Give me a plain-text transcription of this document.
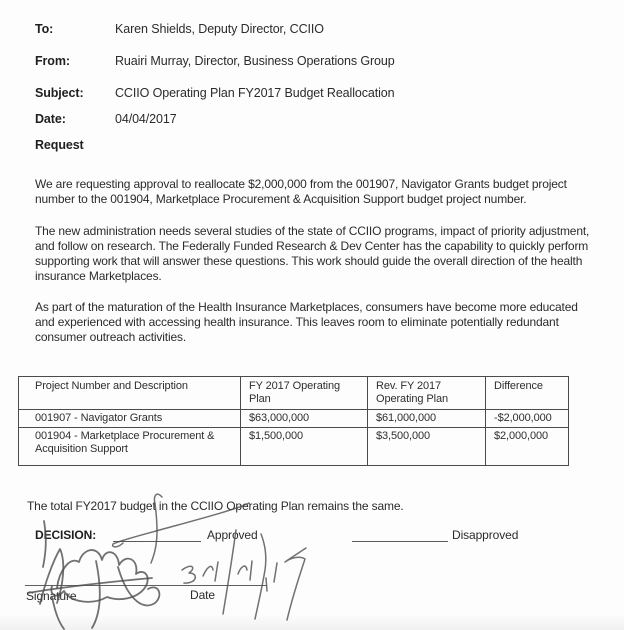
To:	Karen Shields, Deputy Director, CCIIO
From:	Ruairi Murray, Director, Business Operations Group
Subject:	CCIIO Operating Plan FY2017 Budget Reallocation
Date:	04/04/2017
Request

We are requesting approval to reallocate $2,000,000 from the 001907, Navigator Grants budget project number to the 001904, Marketplace Procurement & Acquisition Support budget project number.

The new administration needs several studies of the state of CCIIO programs, impact of priority adjustment, and follow on research. The Federally Funded Research & Dev Center has the capability to quickly perform supporting work that will answer these questions. This work should guide the overall direction of the health insurance Marketplaces.

As part of the maturation of the Health Insurance Marketplaces, consumers have become more educated and experienced with accessing health insurance. This leaves room to eliminate potentially redundant consumer outreach activities.

Project Number and Description	FY 2017 Operating Plan	Rev. FY 2017 Operating Plan	Difference
001907 - Navigator Grants	$63,000,000	$61,000,000	-$2,000,000
001904 - Marketplace Procurement & Acquisition Support	$1,500,000	$3,500,000	$2,000,000

The total FY2017 budget in the CCIIO Operating Plan remains the same.

DECISION:	Approved	Disapproved
Signature	Date
